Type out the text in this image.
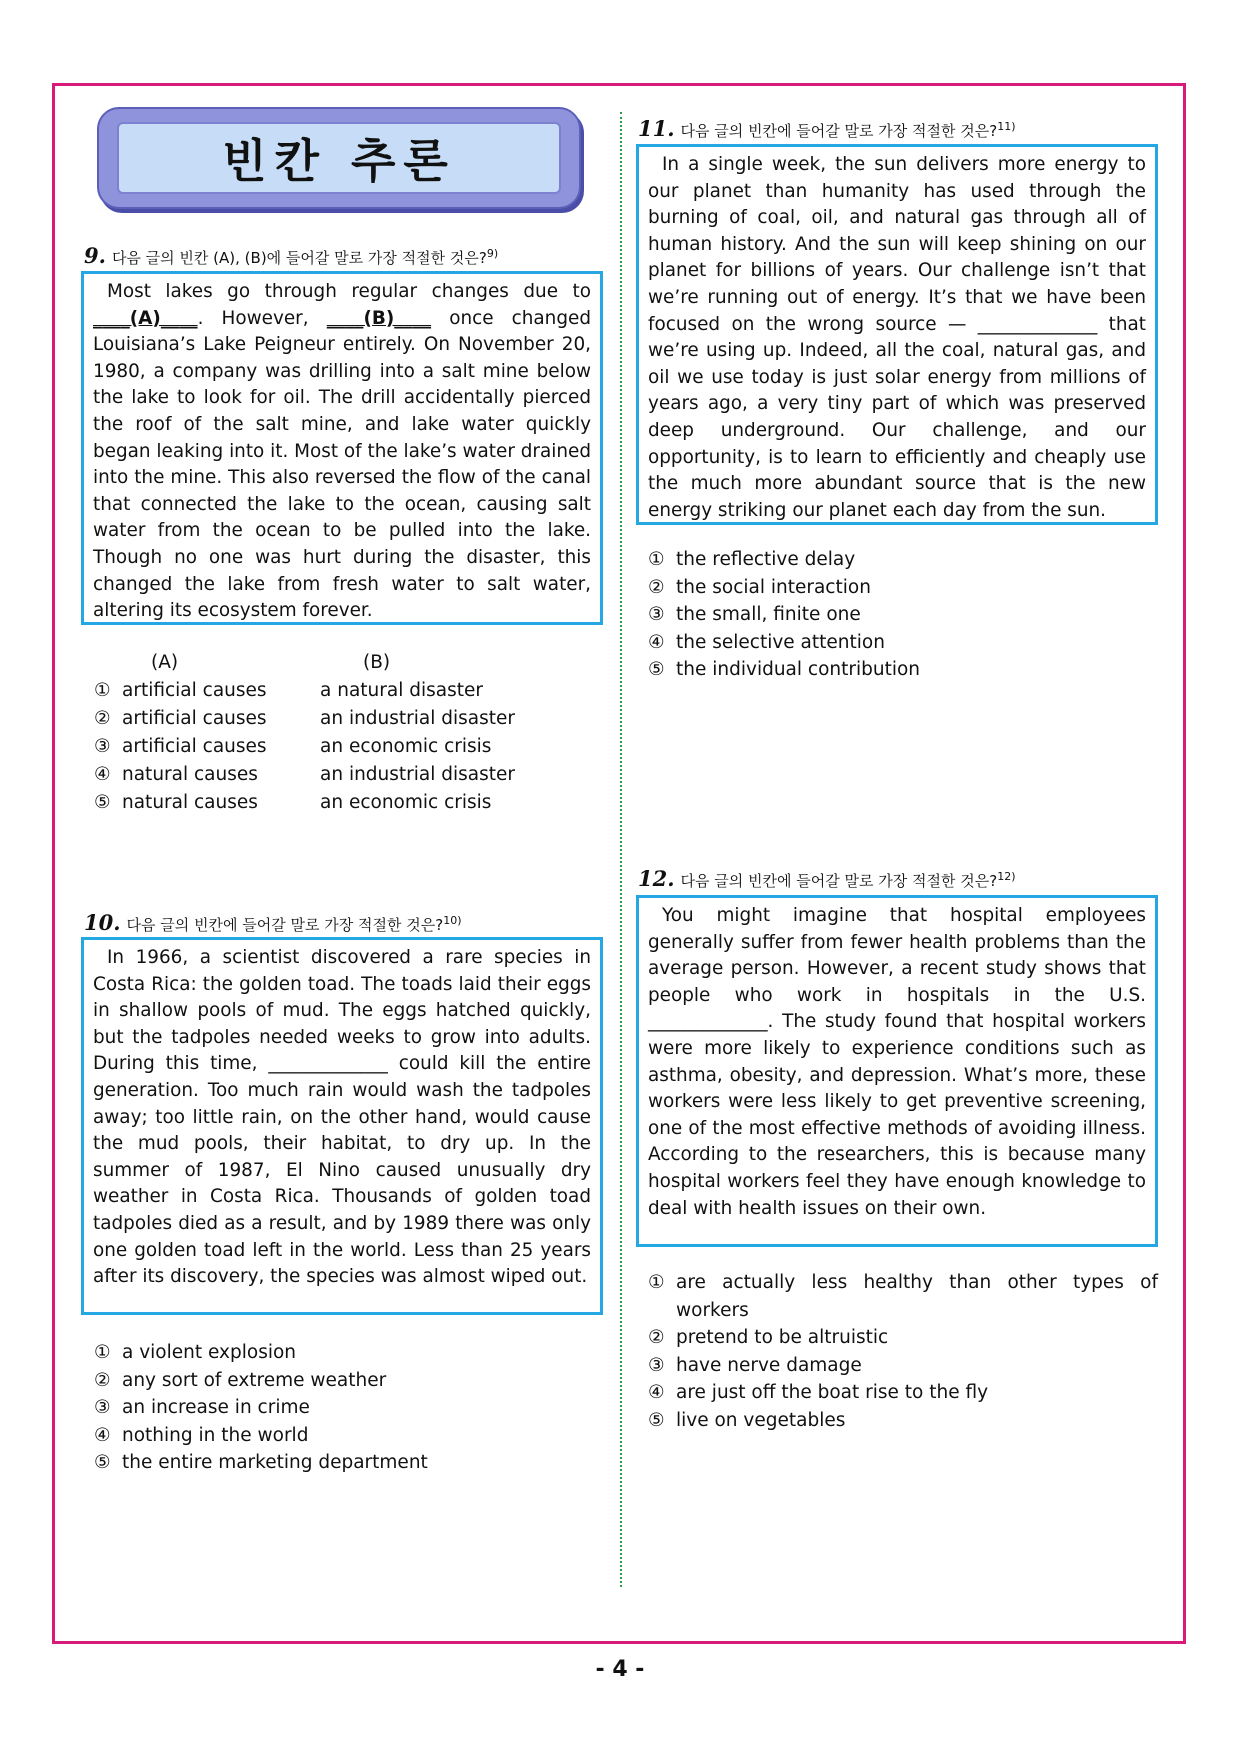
빈칸 추론
9. 다음 글의 빈칸 (A), (B)에 들어갈 말로 가장 적절한 것은?$^{9)}$
Most lakes go through regular changes due to ____(A)____. However, ____(B)____ once changed Louisiana’s Lake Peigneur entirely. On November 20, 1980, a company was drilling into a salt mine below the lake to look for oil. The drill accidentally pierced the roof of the salt mine, and lake water quickly began leaking into it. Most of the lake’s water drained into the mine. This also reversed the flow of the canal that connected the lake to the ocean, causing salt water from the ocean to be pulled into the lake. Though no one was hurt during the disaster, this changed the lake from fresh water to salt water, altering its ecosystem forever.
(A)	(B)
① artificial causes	a natural disaster
② artificial causes	an industrial disaster
③ artificial causes	an economic crisis
④ natural causes	an industrial disaster
⑤ natural causes	an economic crisis
10. 다음 글의 빈칸에 들어갈 말로 가장 적절한 것은?$^{10)}$
In 1966, a scientist discovered a rare species in Costa Rica: the golden toad. The toads laid their eggs in shallow pools of mud. The eggs hatched quickly, but the tadpoles needed weeks to grow into adults. During this time, _____________ could kill the entire generation. Too much rain would wash the tadpoles away; too little rain, on the other hand, would cause the mud pools, their habitat, to dry up. In the summer of 1987, El Nino caused unusually dry weather in Costa Rica. Thousands of golden toad tadpoles died as a result, and by 1989 there was only one golden toad left in the world. Less than 25 years after its discovery, the species was almost wiped out.
① a violent explosion
② any sort of extreme weather
③ an increase in crime
④ nothing in the world
⑤ the entire marketing department
11. 다음 글의 빈칸에 들어갈 말로 가장 적절한 것은?$^{11)}$
In a single week, the sun delivers more energy to our planet than humanity has used through the burning of coal, oil, and natural gas through all of human history. And the sun will keep shining on our planet for billions of years. Our challenge isn’t that we’re running out of energy. It’s that we have been focused on the wrong source — _____________ that we’re using up. Indeed, all the coal, natural gas, and oil we use today is just solar energy from millions of years ago, a very tiny part of which was preserved deep underground. Our challenge, and our opportunity, is to learn to efficiently and cheaply use the much more abundant source that is the new energy striking our planet each day from the sun.
① the reflective delay
② the social interaction
③ the small, finite one
④ the selective attention
⑤ the individual contribution
12. 다음 글의 빈칸에 들어갈 말로 가장 적절한 것은?$^{12)}$
You might imagine that hospital employees generally suffer from fewer health problems than the average person. However, a recent study shows that people who work in hospitals in the U.S. _____________. The study found that hospital workers were more likely to experience conditions such as asthma, obesity, and depression. What’s more, these workers were less likely to get preventive screening, one of the most effective methods of avoiding illness. According to the researchers, this is because many hospital workers feel they have enough knowledge to deal with health issues on their own.
① are actually less healthy than other types of workers
② pretend to be altruistic
③ have nerve damage
④ are just off the boat rise to the fly
⑤ live on vegetables
- 4 -
